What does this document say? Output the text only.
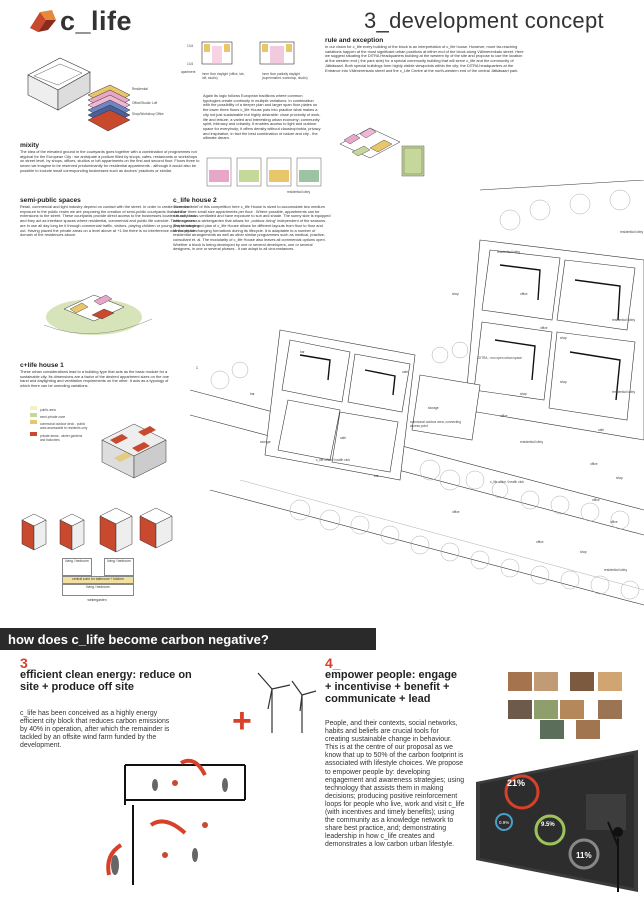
c_life	3_development concept
Residential
Office/Studio/ Loft
Shop/Workshop Office
13,6
13,6
apartment inner floor daylight (office, lab, loft, studio)
inner floor partially daylight (supermarket, workshop, studio)
rule and exception
In our vision for c_life every building of the block is an interpretation of c_life house. However, more far-reaching variations happen at the most significant urban positions at either end of the block along Välimerenkatu street. Here we suggest situating the DITRA Headquarters building at the western tip of the site and propose to use the location at the western end ( the park side) for a special community building that will serve c_life and the community of Jätkäsaari. Both special buildings form highly visible viewpoints within the city: the DITRA headquarters at the Entrance into Välimerenkatu street and the c_Life Centre at the north-western end of the central Jätkäsaari park.
Again its logic follows European traditions where common typologies create continuity in multiple variations. In combination with the possibility of a deeper plan and larger span floor plates on the lower three floors c_life House puts into practice what makes a city not just sustainable but highly desirable: close proximity of work, life and leisure, a varied and interesting urban economy; community spirit, intimacy and urbanity. It enables access to light and outdoor space for everybody; it offers density without claustrophobia, privacy and inspiration, in fact the best combination of nature and city - the ultimate dream.
mixity
The idea of the elevated ground in the courtyards goes together with a combination of programmes not atypical for the European City : we anticipate a podium filled by shops, cafes, restaurants or workshops on street level, by shops, offices, studios or loft appartments on the first and second floor. Floors three to seven we imagine to be reserved predominantly for residential appartments - although it would also be possible to include small corresponding businesses such as doctors' practices or similar.
semi-public spaces
Retail, commercial and light industry depend on contact with the street. In order to create increased exposure to the public realm we are proposing the creation of semi-public courtyards that act like extensions to the street. These courtyards provide direct access to the businesses located in our block and they act as interface spaces where residential, commercial and public life coincide. These spaces are in use all day long be it through commercial traffic, visitors, playing children or young people hanging out. Having placed the private areas on a level above at +1.5m there is no interference with the private domain of the residences above.
c_life house 2
Given the brief of this competition here c_life House is sized to accomodate two medium sized or three small size appartments per floor . Where possible, appartments can be naturally cross-ventilated and have exposure to sun and shade. The sunny side is equipped with a generous wintergarden that allows for „outdoor-living“ independent of the seasons. The structure and plan of c_life House allows for different layouts from floor to floor and obviously for changing formations during its lifecycle. It is adaptable to a number of residential arrangements as well as other similar programmes such as medical, practice, consultant et. al. The modularity of c_life House also leaves all commercial options open. Whether a block is being developed by one or several developers, one or several designers, in one or several phases - it can adapt to all circumstances.
c+life house 1
These urban considerations lead to a building type that acts as the basic module for a sustainable city. Its dimensions are a factor of the desired appartment sizes on the one hand and daylighting and ventilation requirements on the other. It acts as a typology of which there can be unending variations.
public area
semi-private zone
communal outdoor deck - public area accessable to residents only
private areas - winter gardens and balconies
living / bedroom	living / bedroom
central zone for bathroom + kitchen
living / bedroom
wintergarden
C
residential lobby
residential lobby
shop	office
office
shop
bar
cafe
storage
cafe
shop
office
office
office
shop
bar
cafe
storage
communal outdoor area, connecting access point
DITRA - non open urban space
c_life office / health club
c_life office / health club
bar
office
residential lobby
shop
residential lobby
residential lobby
office
residential lobby
shop
office
residential lobby
how does c_life become carbon negative?
3_
efficient clean energy: reduce on site + produce off site
c_life has been conceived as a highly energy efficient city block that reduces carbon emissions by 40% in operation, after which the remainder is tackled by an offsite wind farm funded by the development.
+
4_
empower people: engage + incentivise + benefit + communicate + lead
People, and their contexts, social networks, habits and beliefs are crucial tools for creating sustainable change in behaviour. This is at the centre of our proposal as we know that up to 50% of the carbon footprint is associated with lifestyle choices. We propose to empower people by: developing engagement and awareness strategies; using technology that assists them in making decisions; producing positive reinforcement loops for people who live, work and visit c_life (with incentives and timely benefits); using the community as a knowledge network to share best practice, and; demonstrating leadership in how c_life creates and demonstrates a low carbon urban lifestyle.
21%
9.5%
11%
0.9%
